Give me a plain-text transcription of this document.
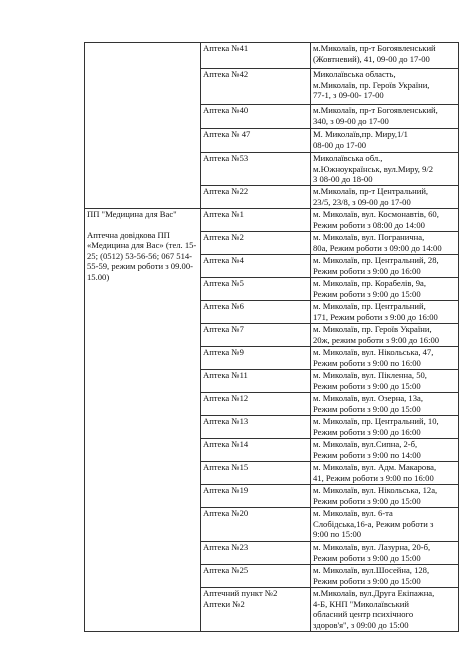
	Аптека №41	м.Миколаїв, пр-т Богоявленський
(Жовтневий), 41, 09-00 до 17-00

	Аптека №42	Миколаївська область,
м.Миколаїв, пр. Героїв України,
77-1, з 09-00- 17-00

	Аптека №40	м.Миколаїв, пр-т Богоявленський,
340, з 09-00 до 17-00

	Аптека № 47	М. Миколаїв,пр. Миру,1/1
08-00 до 17-00

	Аптека №53	Миколаївська обл.,
м.Южноукраїнськ, вул.Миру, 9/2
З 08-00 до 18-00

	Аптека №22	м.Миколаїв, пр-т Центральний,
23/5, 23/8, з 09-00 до 17-00

ПП "Медицина для Вас"
Аптечна довідкова ПП «Медицина для Вас» (тел. 15-25; (0512) 53-56-56; 067 514-55-59, режим роботи з 09.00-15.00)	Аптека №1	м. Миколаїв, вул. Космонавтів, 60,
Режим роботи з 08:00 до 14:00

	Аптека №2	м. Миколаїв, вул. Погранична,
80а, Режим роботи з 09:00 до 14:00

	Аптека №4	м. Миколаїв, пр. Центральний, 28,
Режим роботи з 9:00 до 16:00

	Аптека №5	м. Миколаїв, пр. Корабелів, 9а,
Режим роботи з 9:00 до 15:00

	Аптека №6	м. Миколаїв, пр. Центральний,
171, Режим роботи з 9:00 до 16:00

	Аптека №7	м. Миколаїв, пр. Героїв України,
20ж, режим роботи з 9:00 до 16:00

	Аптека №9	м. Миколаїв, вул. Нікольська, 47,
Режим роботи з 9:00 по 16:00

	Аптека №11	м. Миколаїв, вул. Пікленна, 50,
Режим роботи з 9:00 до 15:00

	Аптека №12	м. Миколаїв, вул. Озерна, 13а,
Режим роботи з 9:00 до 15:00

	Аптека №13	м. Миколаїв, пр. Центральний, 10,
Режим роботи з 9:00 до 16:00

	Аптека №14	м. Миколаїв, вул.Сипна, 2-б,
Режим роботи з 9:00 по 14:00

	Аптека №15	м. Миколаїв, вул. Адм. Макарова,
41, Режим роботи з 9:00 по 16:00

	Аптека №19	м. Миколаїв, вул. Нікольська, 12а,
Режим роботи з 9:00 до 15:00

	Аптека №20	м. Миколаїв, вул. 6-та
Слобідська,16-а, Режим роботи з
9:00 по 15:00

	Аптека №23	м. Миколаїв, вул. Лазурна, 20-б,
Режим роботи з 9:00 до 15:00

	Аптека №25	м. Миколаїв, вул.Шосейна, 128,
Режим роботи з 9:00 до 15:00

	Аптечний пункт №2
Аптеки №2	м.Миколаїв, вул.Друга Екіпажна,
4-Б, КНП "Миколаївський
обласний центр психічного
здоров'я", з 09:00 до 15:00
